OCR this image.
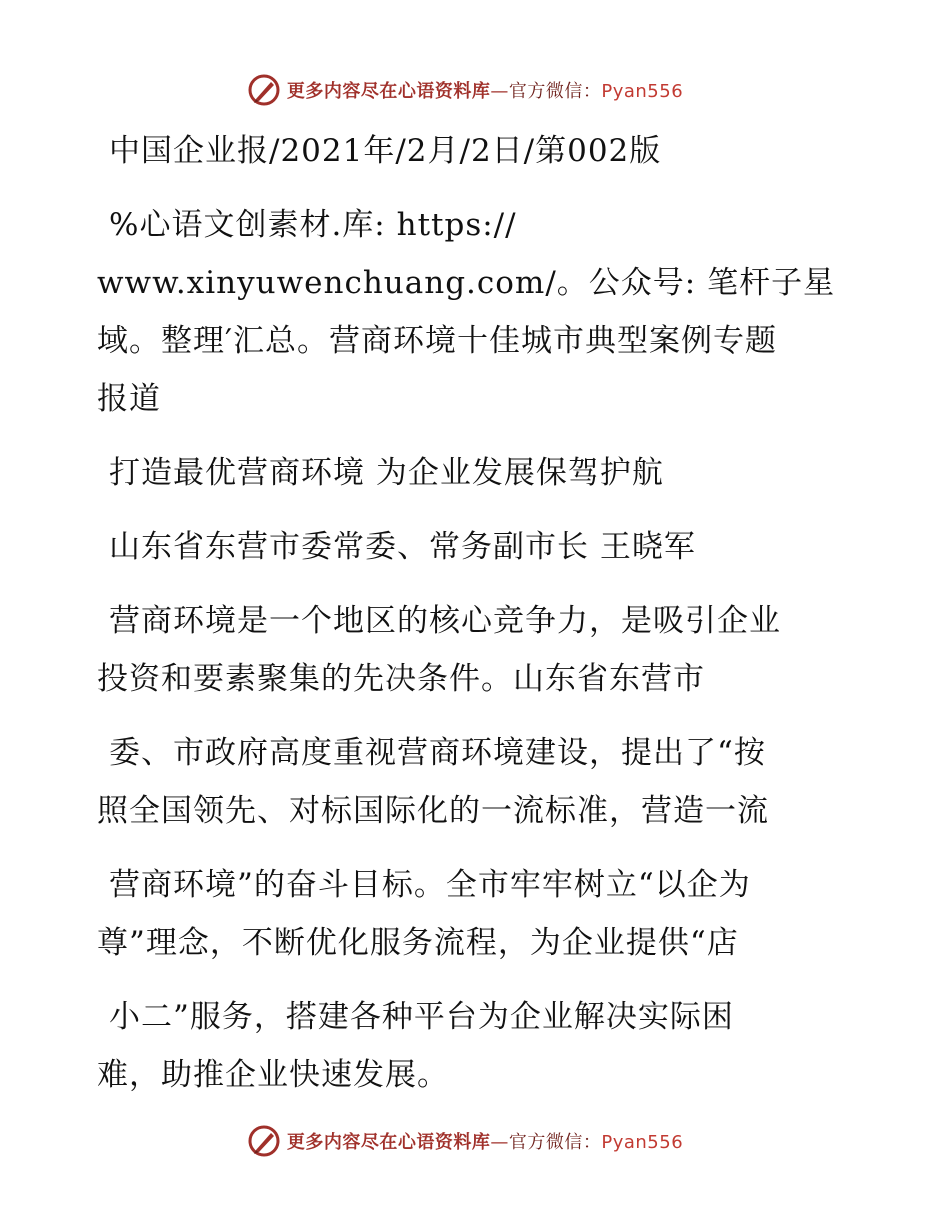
更多内容尽在心语资料库—官方微信：Pyan556
中国企业报/2021年/2月/2日/第002版
%心语文创素材.库: https://
www.xinyuwenchuang.com/。公众号: 笔杆子星
域。整理′汇总。营商环境十佳城市典型案例专题
报道
打造最优营商环境 为企业发展保驾护航
山东省东营市委常委、常务副市长 王晓军
营商环境是一个地区的核心竞争力，是吸引企业
投资和要素聚集的先决条件。山东省东营市
委、市政府高度重视营商环境建设，提出了“按
照全国领先、对标国际化的一流标准，营造一流
营商环境”的奋斗目标。全市牢牢树立“以企为
尊”理念，不断优化服务流程，为企业提供“店
小二”服务，搭建各种平台为企业解决实际困
难，助推企业快速发展。
更多内容尽在心语资料库—官方微信：Pyan556
